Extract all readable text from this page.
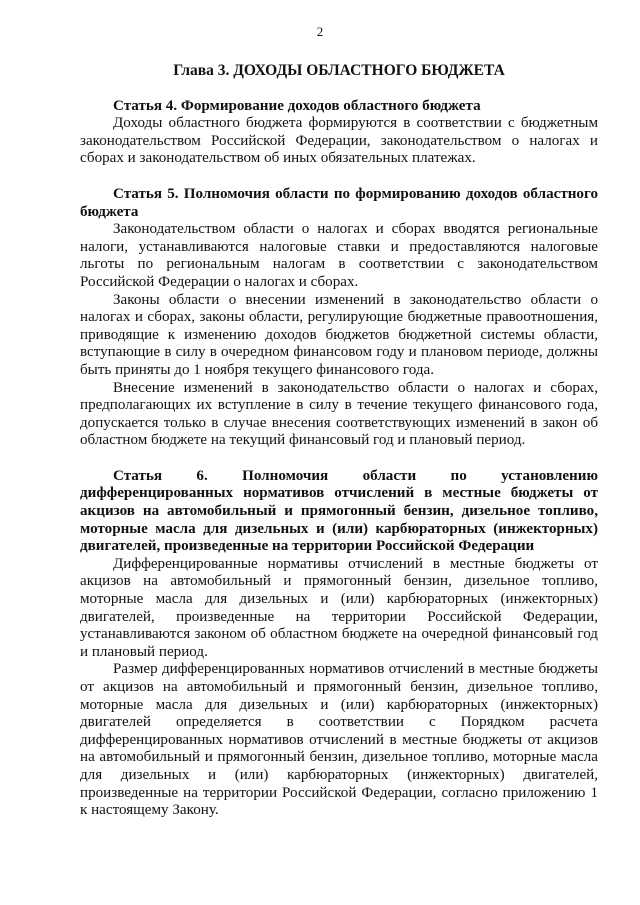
2
Глава 3. ДОХОДЫ ОБЛАСТНОГО БЮДЖЕТА
Статья 4. Формирование доходов областного бюджета

Доходы областного бюджета формируются в соответствии с бюджетным законодательством Российской Федерации, законодательством о налогах и сборах и законодательством об иных обязательных платежах.

Статья 5. Полномочия области по формированию доходов областного бюджета

Законодательством области о налогах и сборах вводятся региональные налоги, устанавливаются налоговые ставки и предоставляются налоговые льготы по региональным налогам в соответствии с законодательством Российской Федерации о налогах и сборах.

Законы области о внесении изменений в законодательство области о налогах и сборах, законы области, регулирующие бюджетные правоотношения, приводящие к изменению доходов бюджетов бюджетной системы области, вступающие в силу в очередном финансовом году и плановом периоде, должны быть приняты до 1 ноября текущего финансового года.

Внесение изменений в законодательство области о налогах и сборах, предполагающих их вступление в силу в течение текущего финансового года, допускается только в случае внесения соответствующих изменений в закон об областном бюджете на текущий финансовый год и плановый период.

Статья 6. Полномочия области по установлению дифференцированных нормативов отчислений в местные бюджеты от акцизов на автомобильный и прямогонный бензин, дизельное топливо, моторные масла для дизельных и (или) карбюраторных (инжекторных) двигателей, произведенные на территории Российской Федерации

Дифференцированные нормативы отчислений в местные бюджеты от акцизов на автомобильный и прямогонный бензин, дизельное топливо, моторные масла для дизельных и (или) карбюраторных (инжекторных) двигателей, произведенные на территории Российской Федерации, устанавливаются законом об областном бюджете на очередной финансовый год и плановый период.

Размер дифференцированных нормативов отчислений в местные бюджеты от акцизов на автомобильный и прямогонный бензин, дизельное топливо, моторные масла для дизельных и (или) карбюраторных (инжекторных) двигателей определяется в соответствии с Порядком расчета дифференцированных нормативов отчислений в местные бюджеты от акцизов на автомобильный и прямогонный бензин, дизельное топливо, моторные масла для дизельных и (или) карбюраторных (инжекторных) двигателей, произведенные на территории Российской Федерации, согласно приложению 1 к настоящему Закону.
